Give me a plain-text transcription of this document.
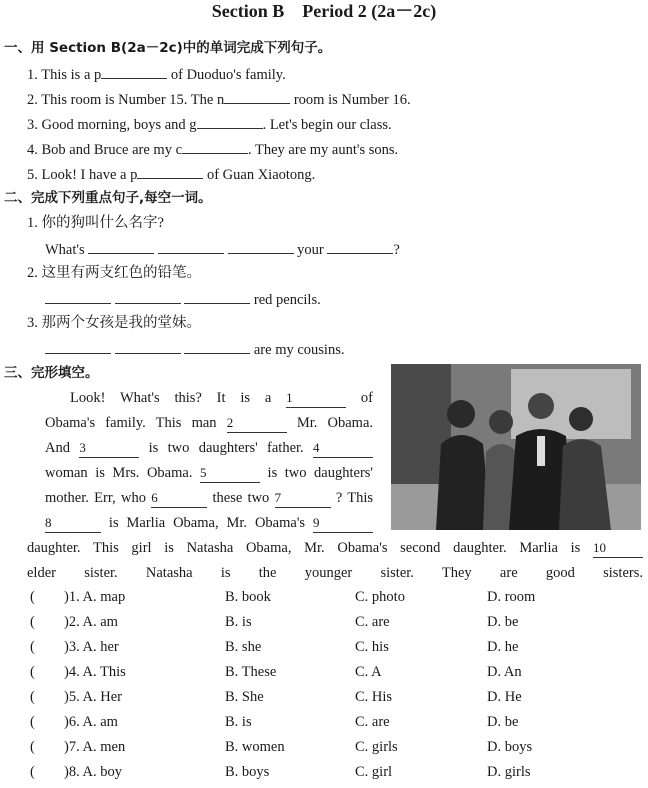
Section B　Period 2 (2a－2c)
一、用 Section B(2a－2c)中的单词完成下列句子。
1. This is a p	of Duoduo's family.
2. This room is Number 15. The n	room is Number 16.
3. Good morning, boys and g	. Let's begin our class.
4. Bob and Bruce are my c	. They are my aunt's sons.
5. Look! I have a p	of Guan Xiaotong.
二、完成下列重点句子,每空一词。
1. 你的狗叫什么名字?
What's	your	?
2. 这里有两支红色的铅笔。
red pencils.
3. 那两个女孩是我的堂妹。
are my cousins.
三、完形填空。
Look! What's this? It is a 1	of
Obama's family. This man 2	Mr. Obama.
And 3	is two daughters' father. 4
woman is Mrs. Obama. 5	is two daughters'
mother. Err, who 6	these two 7	? This
8	is Marlia Obama, Mr. Obama's 9
daughter. This girl is Natasha Obama, Mr. Obama's second daughter. Marlia is 10
elder sister. Natasha is the younger sister. They are good sisters.
( )1. A. map	B. book	C. photo	D. room
( )2. A. am	B. is	C. are	D. be
( )3. A. her	B. she	C. his	D. he
( )4. A. This	B. These	C. A	D. An
( )5. A. Her	B. She	C. His	D. He
( )6. A. am	B. is	C. are	D. be
( )7. A. men	B. women	C. girls	D. boys
( )8. A. boy	B. boys	C. girl	D. girls
